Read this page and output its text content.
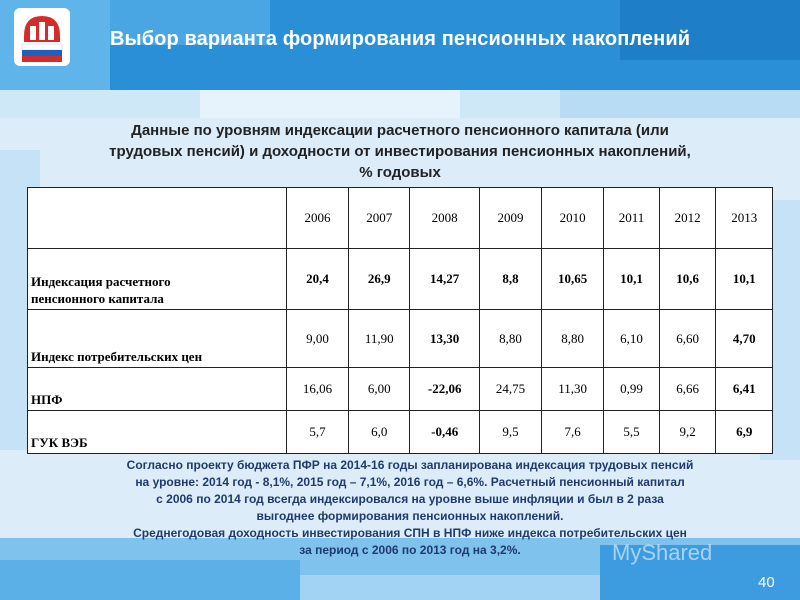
Выбор варианта формирования пенсионных накоплений
Данные по уровням индексации расчетного пенсионного капитала (или
трудовых пенсий) и доходности от инвестирования пенсионных накоплений,
% годовых
	2006	2007	2008	2009	2010	2011	2012	2013

Индексация расчетного
пенсионного капитала	20,4	26,9	14,27	8,8	10,65	10,1	10,6	10,1
Индекс потребительских цен	9,00	11,90	13,30	8,80	8,80	6,10	6,60	4,70
НПФ	16,06	6,00	-22,06	24,75	11,30	0,99	6,66	6,41
ГУК ВЭБ	5,7	6,0	-0,46	9,5	7,6	5,5	9,2	6,9
Согласно проекту бюджета ПФР на 2014-16 годы запланирована индексация трудовых пенсий
на уровне: 2014 год - 8,1%, 2015 год – 7,1%, 2016 год – 6,6%. Расчетный пенсионный капитал
с 2006 по 2014 год всегда индексировался на уровне выше инфляции и был в 2 раза
выгоднее формирования пенсионных накоплений.
Среднегодовая доходность инвестирования СПН в НПФ ниже индекса потребительских цен
за период с 2006 по 2013 год на 3,2%.	MyShared
40
